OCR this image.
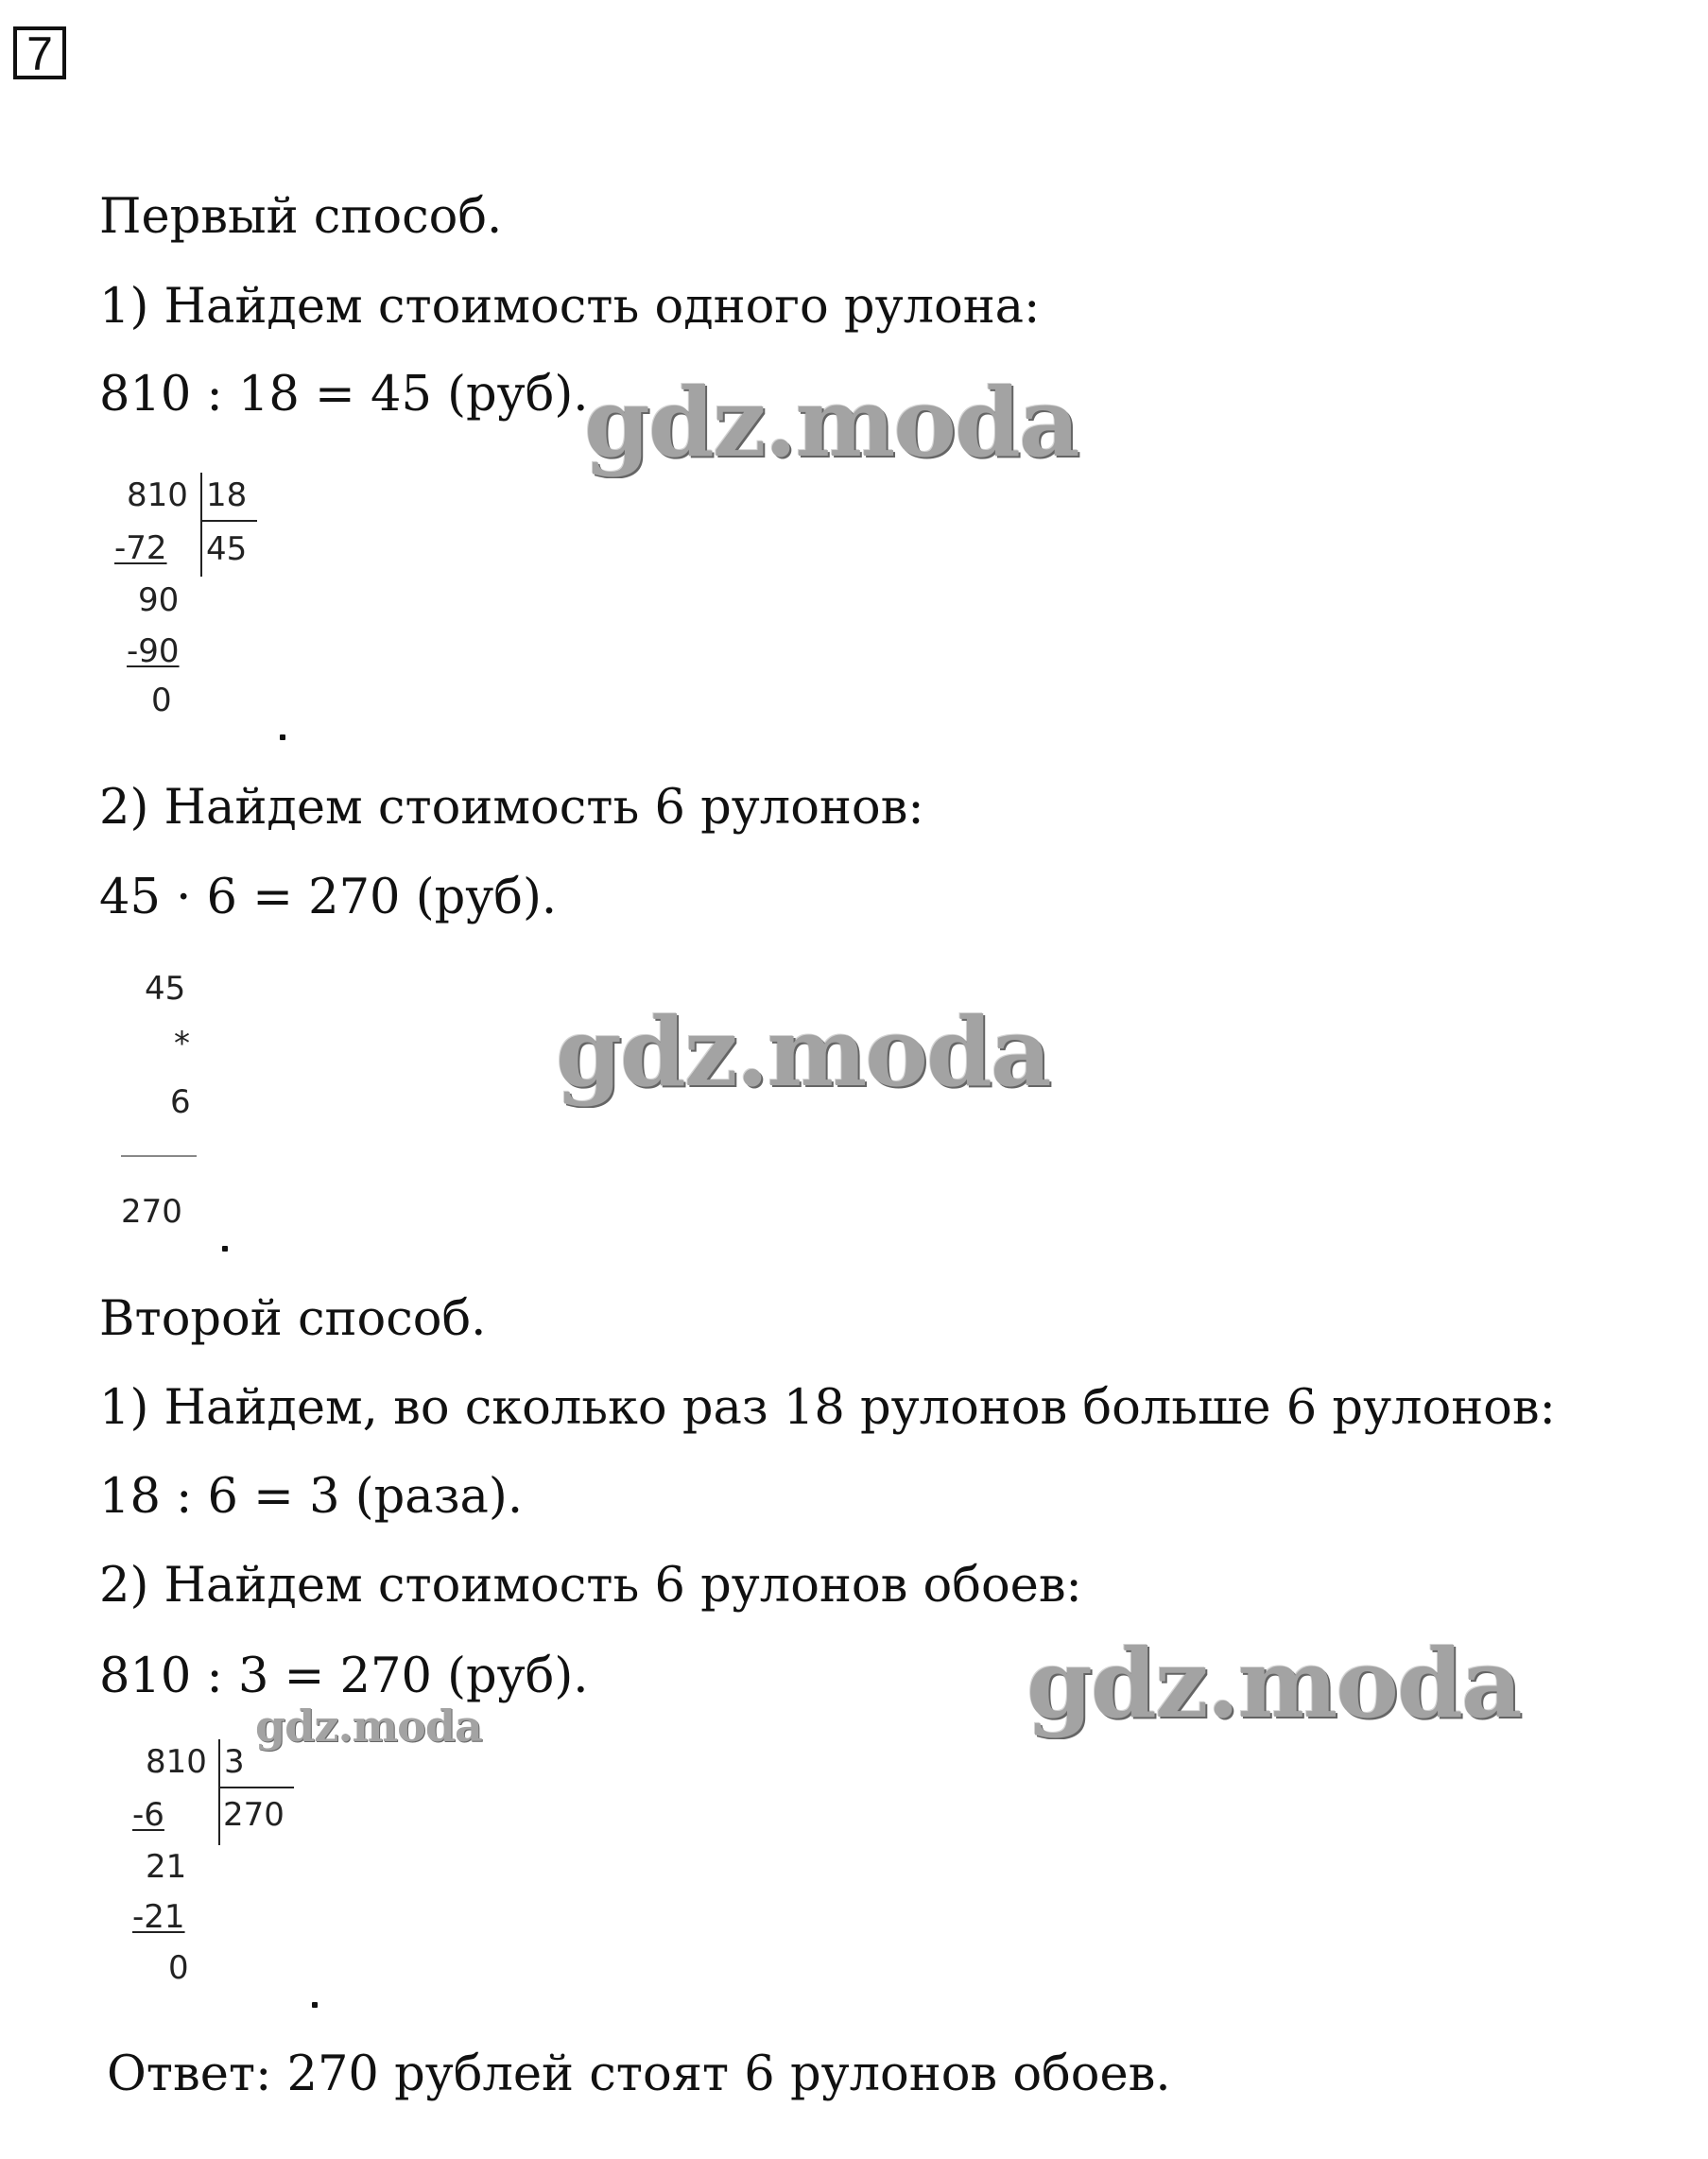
7
Первый способ.
1) Найдем стоимость одного рулона:
810 : 18 = 45 (руб).
810 18
45
-72
90
-90
0
2) Найдем стоимость 6 рулонов:
45 · 6 = 270 (руб).
45
*
6
270
Второй способ.
1) Найдем, во сколько раз 18 рулонов больше 6 рулонов:
18 : 6 = 3 (раза).
2) Найдем стоимость 6 рулонов обоев:
810 : 3 = 270 (руб).
810 3
270
-6
21
-21
0
Ответ: 270 рублей стоят 6 рулонов обоев.
gdz.moda
gdz.moda
gdz.moda
gdz.moda
